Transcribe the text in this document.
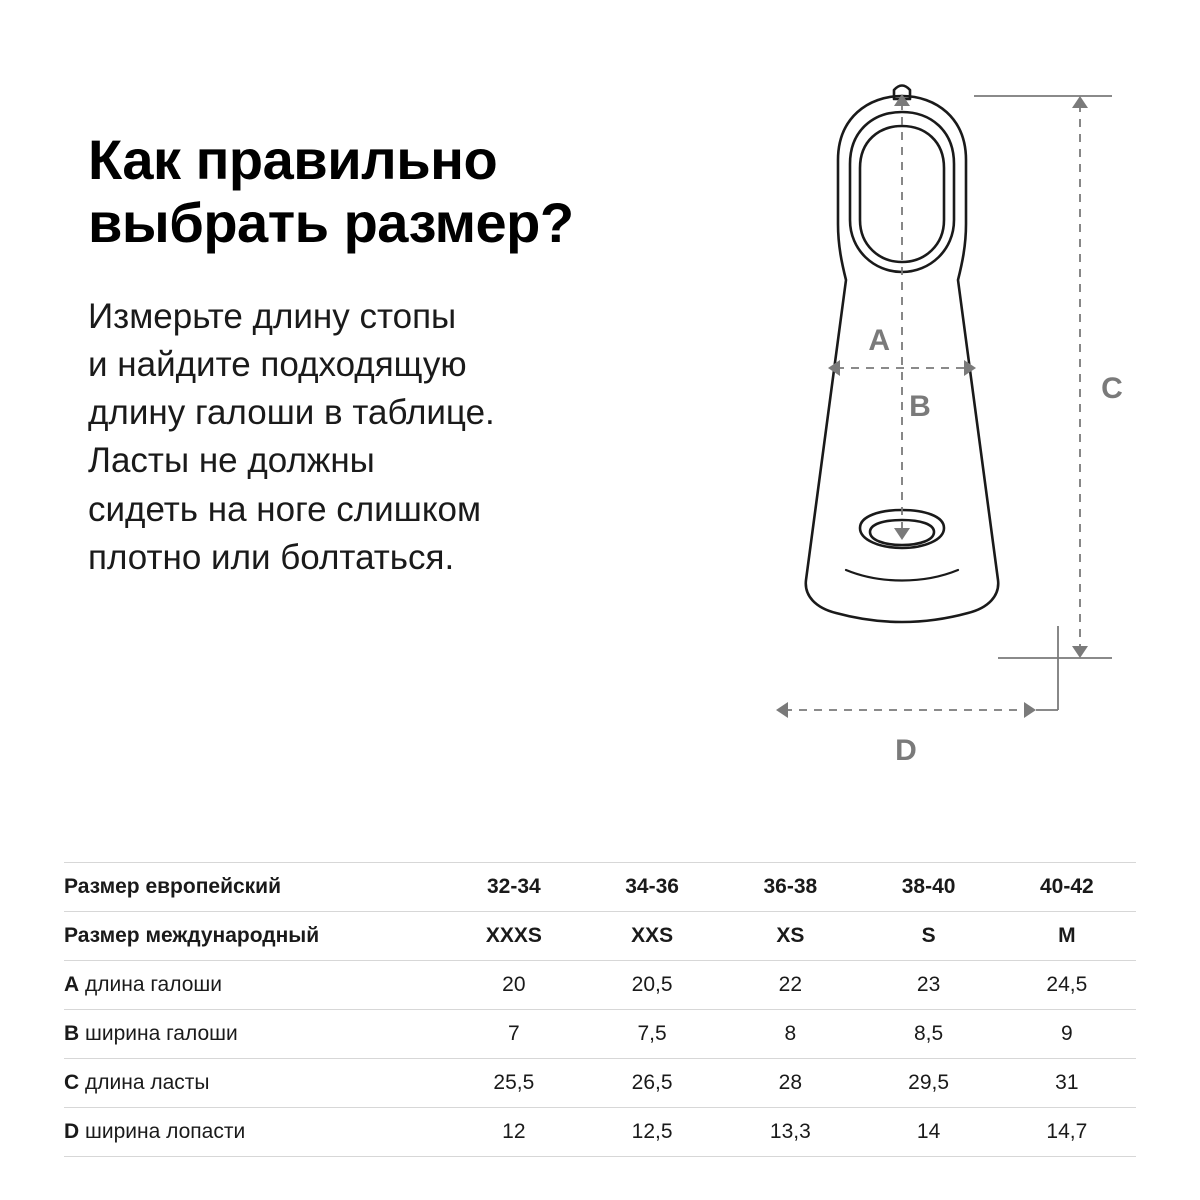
Как правильно выбрать размер?

Измерьте длину стопы
и найдите подходящую
длину галоши в таблице.
Ласты не должны
сидеть на ноге слишком
плотно или болтаться.

A
B
C
D
Размер европейский	32-34	34-36	36-38	38-40	40-42
Размер международный	XXXS	XXS	XS	S	M
A длина галоши	20	20,5	22	23	24,5
B ширина галоши	7	7,5	8	8,5	9
C длина ласты	25,5	26,5	28	29,5	31
D ширина лопасти	12	12,5	13,3	14	14,7
